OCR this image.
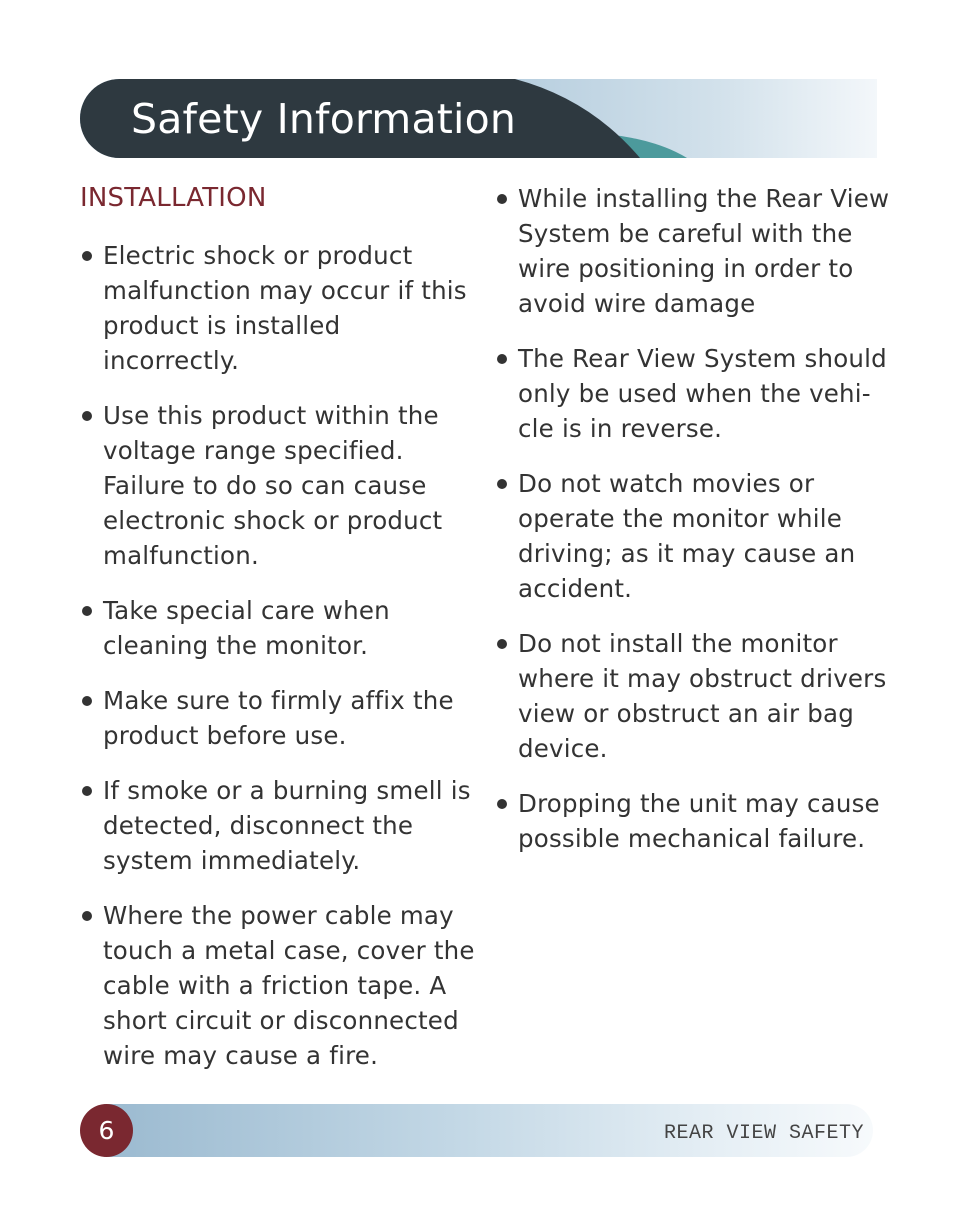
Safety Information
INSTALLATION
Electric shock or product malfunction may occur if this product is installed incorrectly.
Use this product within the voltage range specified. Failure to do so can cause electronic shock or product malfunction.
Take special care when cleaning the monitor.
Make sure to firmly affix the product before use.
If smoke or a burning smell is detected, disconnect the system immediately.
Where the power cable may touch a metal case, cover the cable with a friction tape. A short circuit or disconnected wire may cause a fire.
While installing the Rear View System be careful with the wire positioning in order to avoid wire damage
The Rear View System should only be used when the vehi-cle is in reverse.
Do not watch movies or operate the monitor while driving; as it may cause an accident.
Do not install the monitor where it may obstruct drivers view or obstruct an air bag device.
Dropping the unit may cause possible mechanical failure.
6	REAR VIEW SAFETY
